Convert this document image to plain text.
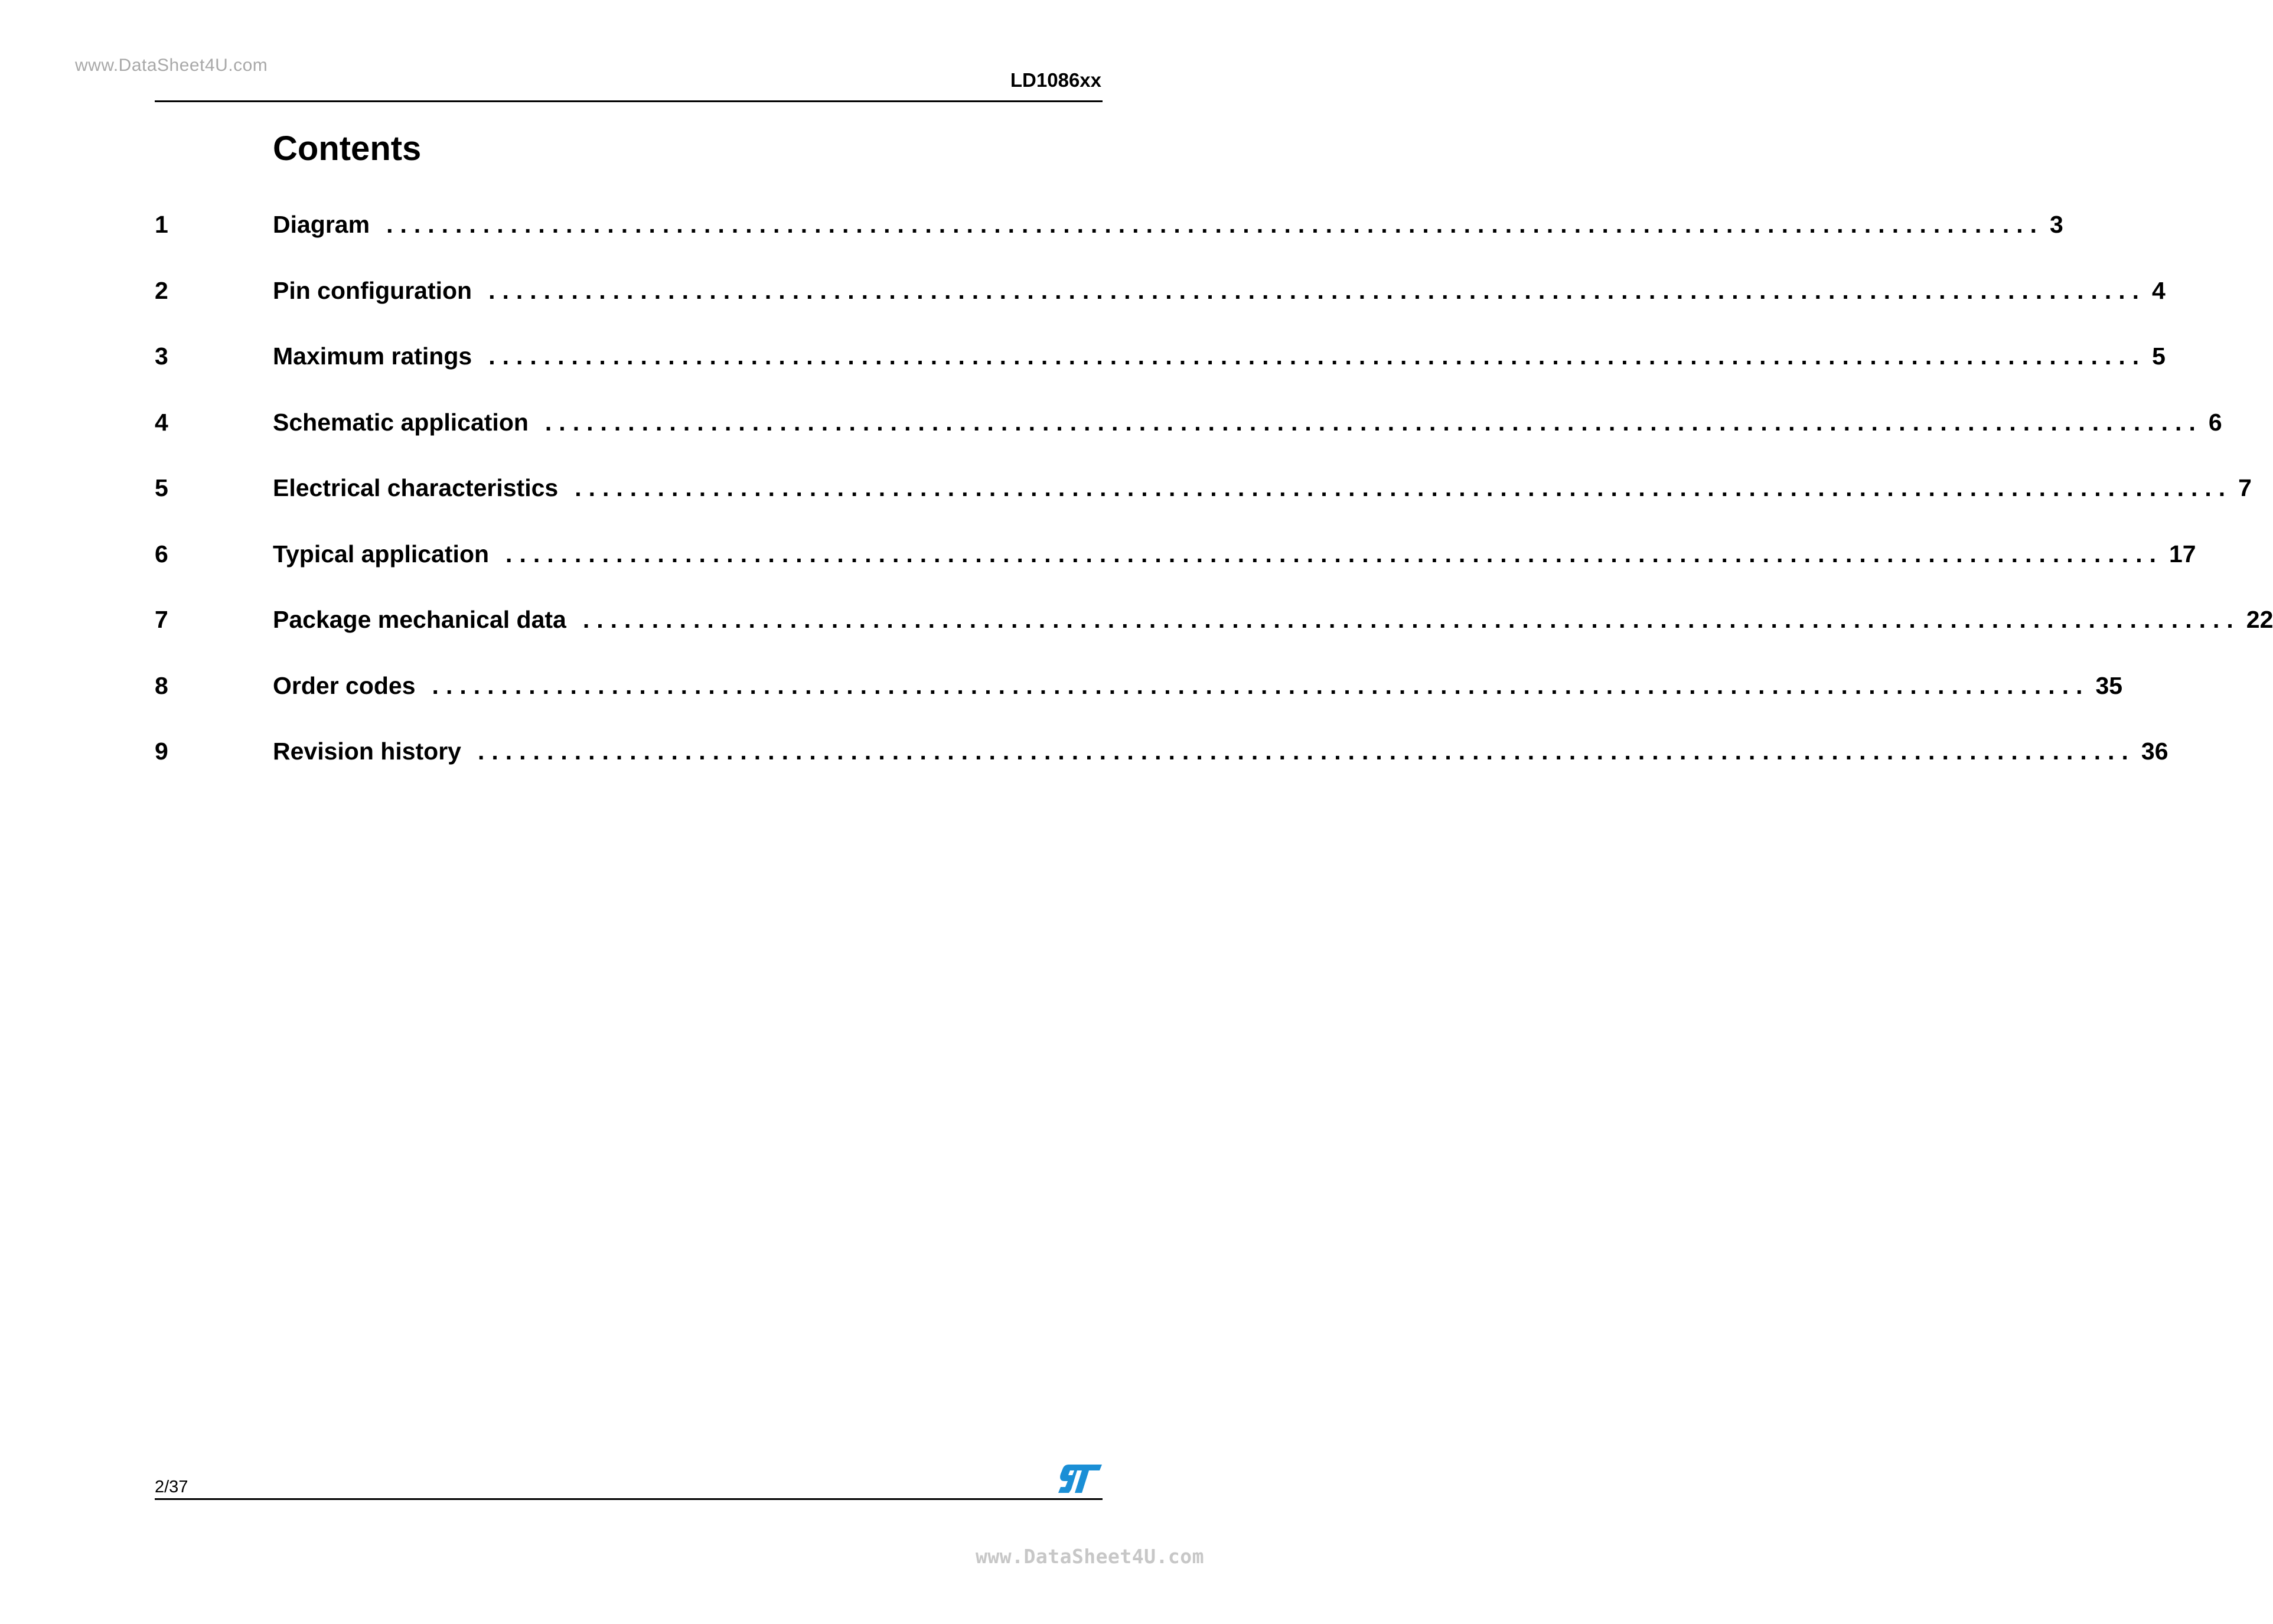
www.DataSheet4U.com
LD1086xx
Contents
1	Diagram ........................................................................................................................ 3
2	Pin configuration ........................................................................................................................ 4
3	Maximum ratings ........................................................................................................................ 5
4	Schematic application ........................................................................................................................ 6
5	Electrical characteristics ........................................................................................................................ 7
6	Typical application ........................................................................................................................ 17
7	Package mechanical data ........................................................................................................................ 22
8	Order codes ........................................................................................................................ 35
9	Revision history ........................................................................................................................ 36
2/37
www.DataSheet4U.com
